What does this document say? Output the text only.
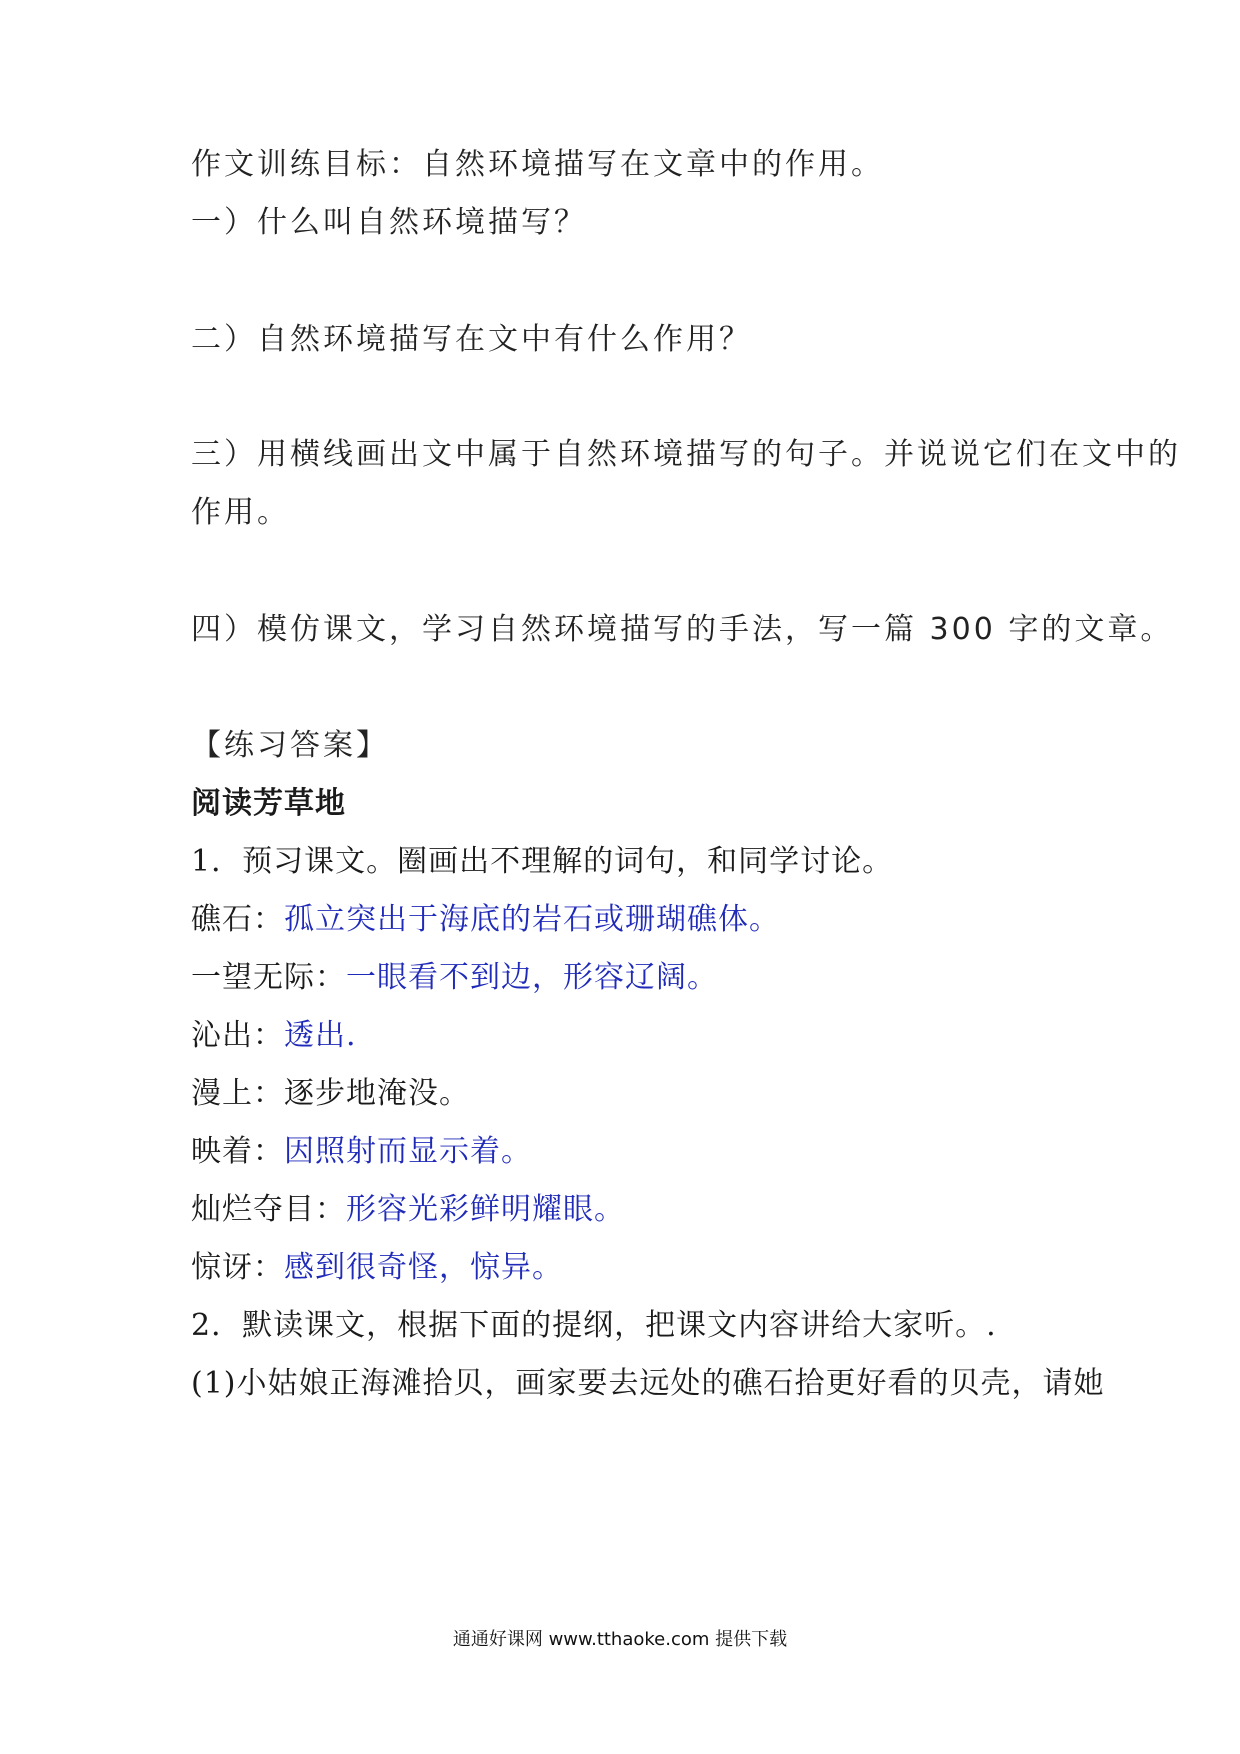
作文训练目标：自然环境描写在文章中的作用。
一）什么叫自然环境描写？
二）自然环境描写在文中有什么作用？
三）用横线画出文中属于自然环境描写的句子。并说说它们在文中的
作用。
四）模仿课文，学习自然环境描写的手法，写一篇 300 字的文章。
【练习答案】
阅读芳草地
1．预习课文。圈画出不理解的词句，和同学讨论。
礁石：孤立突出于海底的岩石或珊瑚礁体。
一望无际：一眼看不到边，形容辽阔。
沁出：透出.
漫上：逐步地淹没。
映着：因照射而显示着。
灿烂夺目：形容光彩鲜明耀眼。
惊讶：感到很奇怪，惊异。
2．默读课文，根据下面的提纲，把课文内容讲给大家听。.
(1)小姑娘正海滩拾贝，画家要去远处的礁石拾更好看的贝壳，请她
通通好课网 www.tthaoke.com 提供下载
